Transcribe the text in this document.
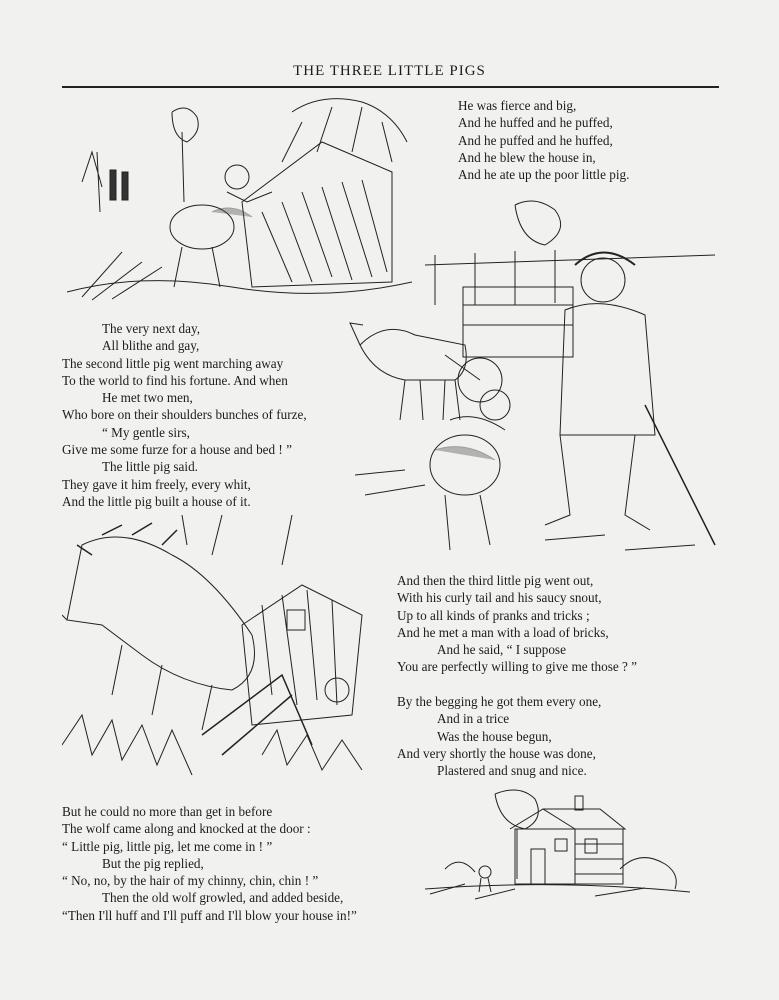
THE THREE LITTLE PIGS
He was fierce and big,
And he huffed and he puffed,
And he puffed and he huffed,
And he blew the house in,
And he ate up the poor little pig.
The very next day,
All blithe and gay,
The second little pig went marching away
To the world to find his fortune. And when
He met two men,
Who bore on their shoulders bunches of furze,
“ My gentle sirs,
Give me some furze for a house and bed ! ”
The little pig said.
They gave it him freely, every whit,
And the little pig built a house of it.
And then the third little pig went out,
With his curly tail and his saucy snout,
Up to all kinds of pranks and tricks ;
And he met a man with a load of bricks,
And he said, “ I suppose
You are perfectly willing to give me those ? ”
By the begging he got them every one,
And in a trice
Was the house begun,
And very shortly the house was done,
Plastered and snug and nice.
But he could no more than get in before
The wolf came along and knocked at the door :
“ Little pig, little pig, let me come in ! ”
But the pig replied,
“ No, no, by the hair of my chinny, chin, chin ! ”
Then the old wolf growled, and added beside,
“Then I'll huff and I'll puff and I'll blow your house in!”
